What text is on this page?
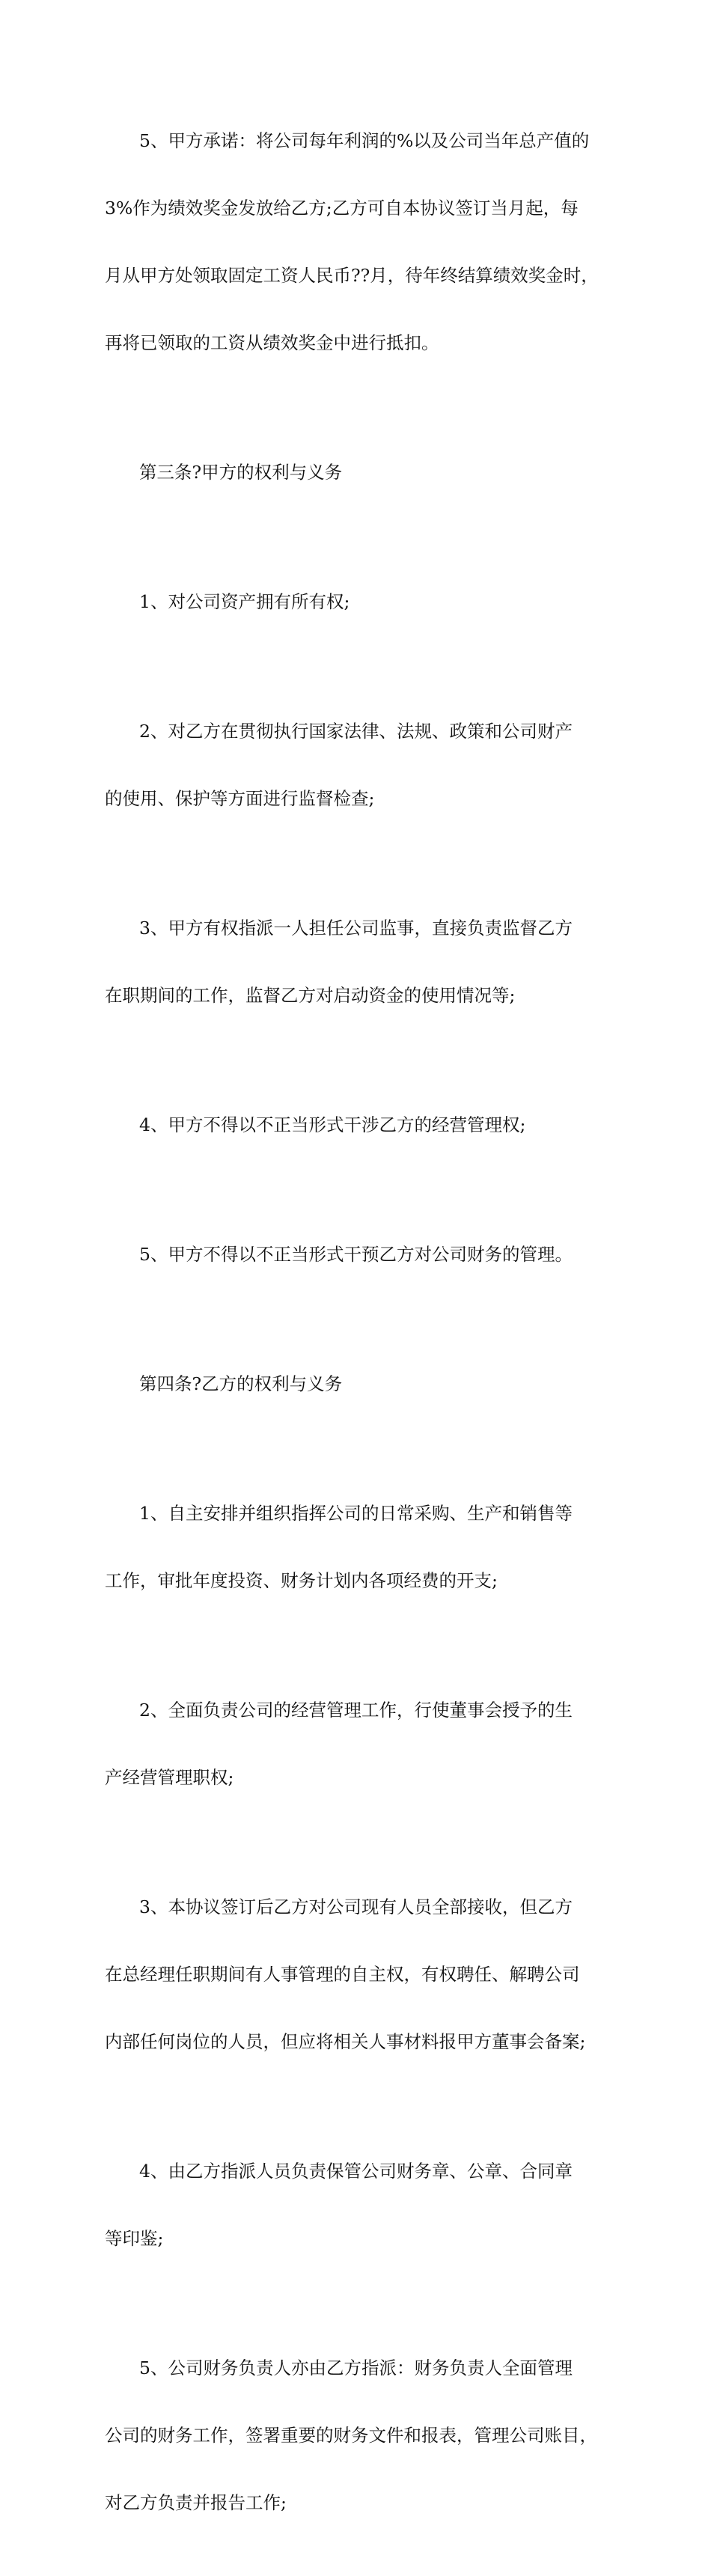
5、甲方承诺：将公司每年利润的%以及公司当年总产值的

3%作为绩效奖金发放给乙方;乙方可自本协议签订当月起，每

月从甲方处领取固定工资人民币??月，待年终结算绩效奖金时，

再将已领取的工资从绩效奖金中进行抵扣。

第三条?甲方的权利与义务

1、对公司资产拥有所有权;

2、对乙方在贯彻执行国家法律、法规、政策和公司财产

的使用、保护等方面进行监督检查;

3、甲方有权指派一人担任公司监事，直接负责监督乙方

在职期间的工作，监督乙方对启动资金的使用情况等;

4、甲方不得以不正当形式干涉乙方的经营管理权;

5、甲方不得以不正当形式干预乙方对公司财务的管理。

第四条?乙方的权利与义务

1、自主安排并组织指挥公司的日常采购、生产和销售等

工作，审批年度投资、财务计划内各项经费的开支;

2、全面负责公司的经营管理工作，行使董事会授予的生

产经营管理职权;

3、本协议签订后乙方对公司现有人员全部接收，但乙方

在总经理任职期间有人事管理的自主权，有权聘任、解聘公司

内部任何岗位的人员，但应将相关人事材料报甲方董事会备案;

4、由乙方指派人员负责保管公司财务章、公章、合同章

等印鉴;

5、公司财务负责人亦由乙方指派：财务负责人全面管理

公司的财务工作，签署重要的财务文件和报表，管理公司账目，

对乙方负责并报告工作;
